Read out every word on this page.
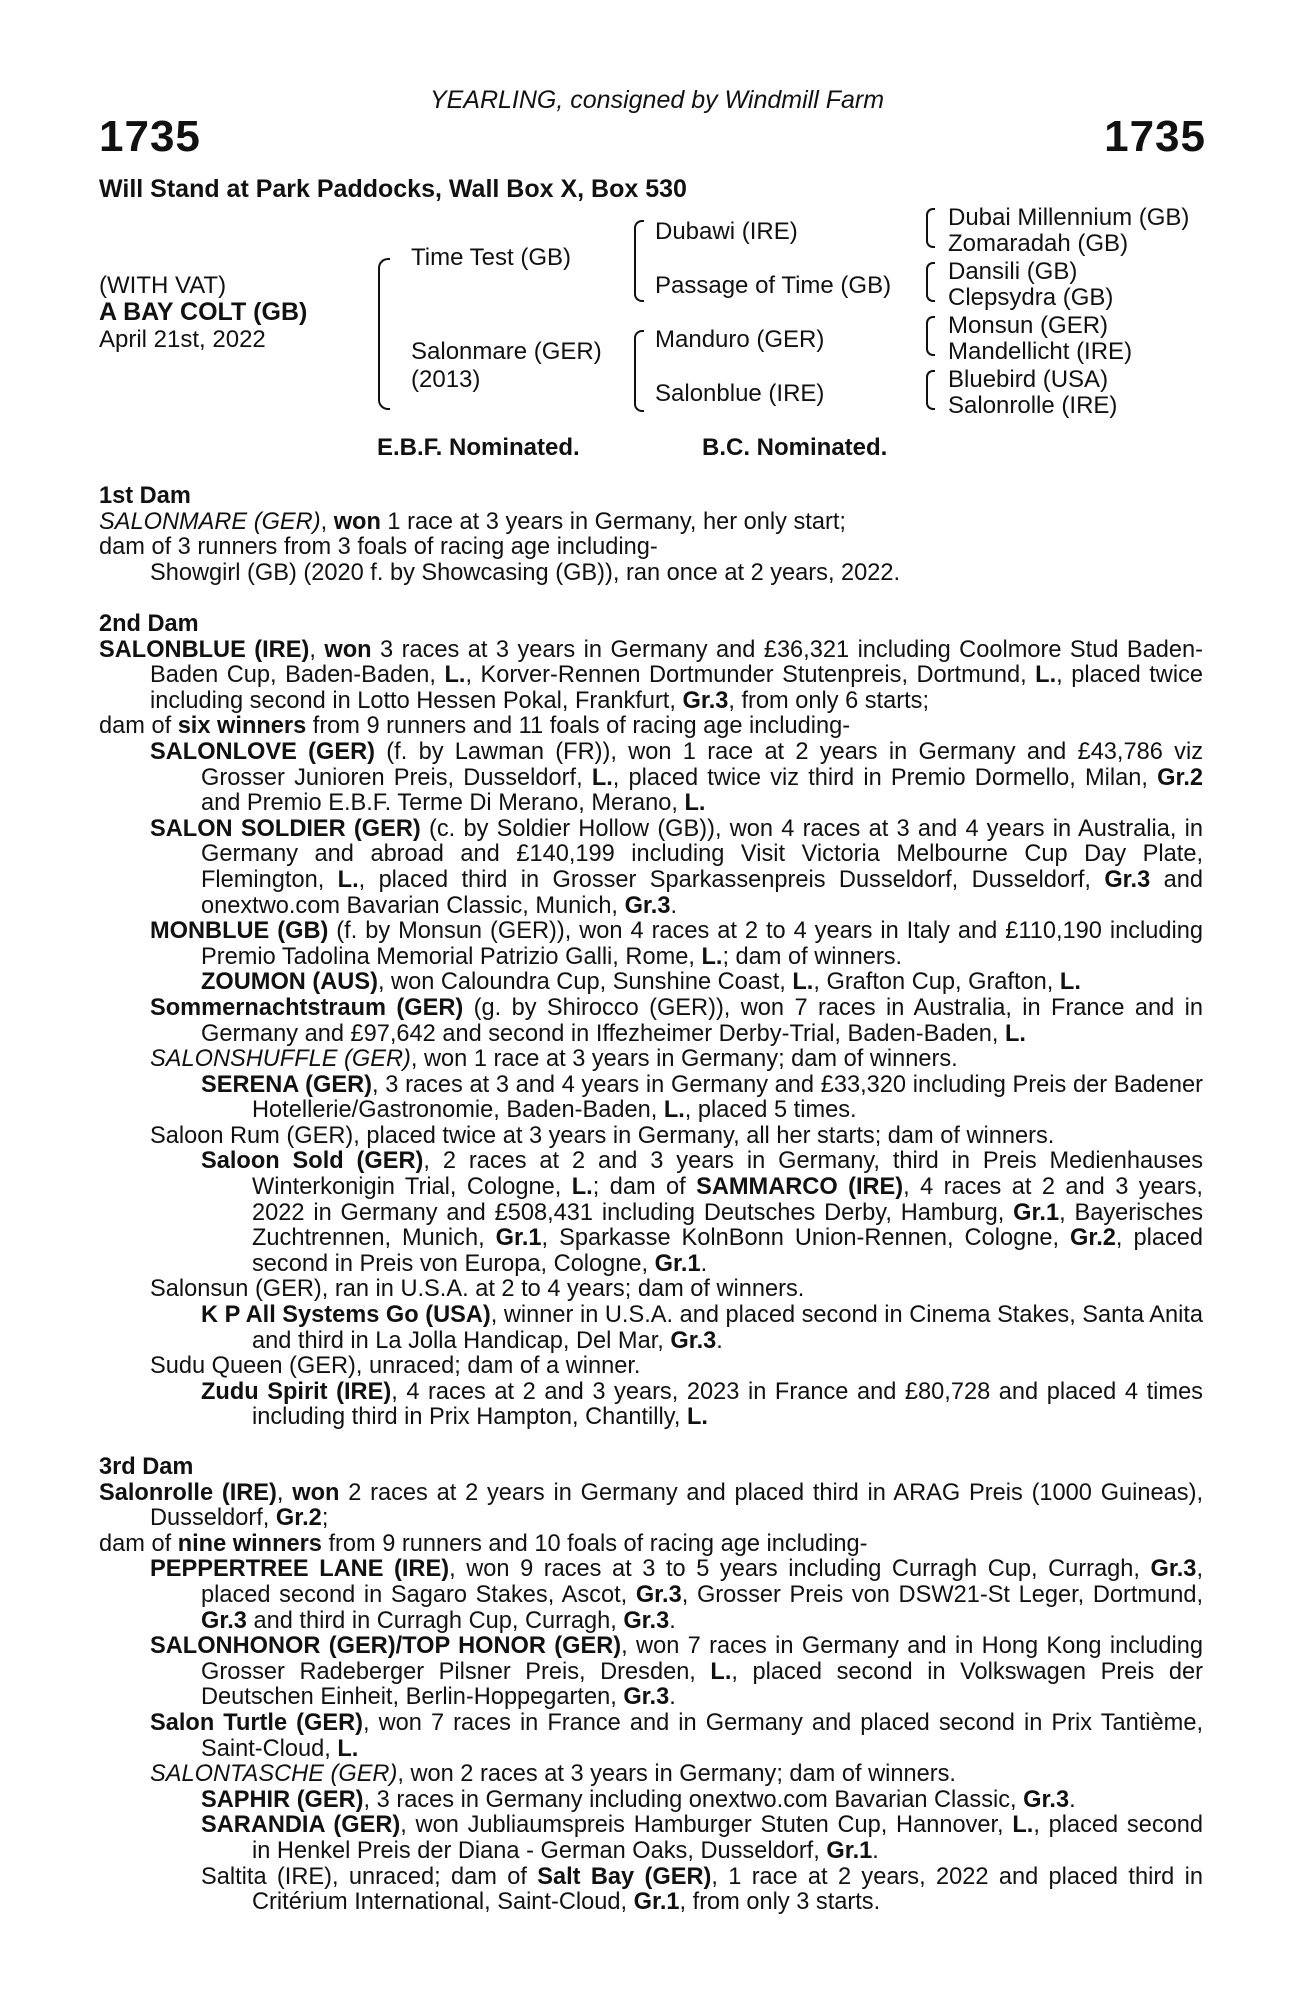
YEARLING, consigned by Windmill Farm
1735	1735
Will Stand at Park Paddocks, Wall Box X, Box 530
(WITH VAT)
A BAY COLT (GB)
April 21st, 2022
Time Test (GB)
Salonmare (GER)
(2013)
Dubawi (IRE)
Passage of Time (GB)
Manduro (GER)
Salonblue (IRE)
Dubai Millennium (GB)
Zomaradah (GB)
Dansili (GB)
Clepsydra (GB)
Monsun (GER)
Mandellicht (IRE)
Bluebird (USA)
Salonrolle (IRE)
E.B.F. Nominated.	B.C. Nominated.

1st Dam

SALONMARE (GER), won 1 race at 3 years in Germany, her only start;

dam of 3 runners from 3 foals of racing age including-

Showgirl (GB) (2020 f. by Showcasing (GB)), ran once at 2 years, 2022.

2nd Dam

SALONBLUE (IRE), won 3 races at 3 years in Germany and £36,321 including Coolmore Stud Baden-Baden Cup, Baden-Baden, L., Korver-Rennen Dortmunder Stutenpreis, Dortmund, L., placed twice including second in Lotto Hessen Pokal, Frankfurt, Gr.3, from only 6 starts;

dam of six winners from 9 runners and 11 foals of racing age including-

SALONLOVE (GER) (f. by Lawman (FR)), won 1 race at 2 years in Germany and £43,786 viz Grosser Junioren Preis, Dusseldorf, L., placed twice viz third in Premio Dormello, Milan, Gr.2 and Premio E.B.F. Terme Di Merano, Merano, L.

SALON SOLDIER (GER) (c. by Soldier Hollow (GB)), won 4 races at 3 and 4 years in Australia, in Germany and abroad and £140,199 including Visit Victoria Melbourne Cup Day Plate, Flemington, L., placed third in Grosser Sparkassenpreis Dusseldorf, Dusseldorf, Gr.3 and onextwo.com Bavarian Classic, Munich, Gr.3.

MONBLUE (GB) (f. by Monsun (GER)), won 4 races at 2 to 4 years in Italy and £110,190 including Premio Tadolina Memorial Patrizio Galli, Rome, L.; dam of winners.

ZOUMON (AUS), won Caloundra Cup, Sunshine Coast, L., Grafton Cup, Grafton, L.

Sommernachtstraum (GER) (g. by Shirocco (GER)), won 7 races in Australia, in France and in Germany and £97,642 and second in Iffezheimer Derby-Trial, Baden-Baden, L.

SALONSHUFFLE (GER), won 1 race at 3 years in Germany; dam of winners.

SERENA (GER), 3 races at 3 and 4 years in Germany and £33,320 including Preis der Badener Hotellerie/Gastronomie, Baden-Baden, L., placed 5 times.

Saloon Rum (GER), placed twice at 3 years in Germany, all her starts; dam of winners.

Saloon Sold (GER), 2 races at 2 and 3 years in Germany, third in Preis Medienhauses Winterkonigin Trial, Cologne, L.; dam of SAMMARCO (IRE), 4 races at 2 and 3 years, 2022 in Germany and £508,431 including Deutsches Derby, Hamburg, Gr.1, Bayerisches Zuchtrennen, Munich, Gr.1, Sparkasse KolnBonn Union-Rennen, Cologne, Gr.2, placed second in Preis von Europa, Cologne, Gr.1.

Salonsun (GER), ran in U.S.A. at 2 to 4 years; dam of winners.

K P All Systems Go (USA), winner in U.S.A. and placed second in Cinema Stakes, Santa Anita and third in La Jolla Handicap, Del Mar, Gr.3.

Sudu Queen (GER), unraced; dam of a winner.

Zudu Spirit (IRE), 4 races at 2 and 3 years, 2023 in France and £80,728 and placed 4 times including third in Prix Hampton, Chantilly, L.

3rd Dam

Salonrolle (IRE), won 2 races at 2 years in Germany and placed third in ARAG Preis (1000 Guineas), Dusseldorf, Gr.2;

dam of nine winners from 9 runners and 10 foals of racing age including-

PEPPERTREE LANE (IRE), won 9 races at 3 to 5 years including Curragh Cup, Curragh, Gr.3, placed second in Sagaro Stakes, Ascot, Gr.3, Grosser Preis von DSW21-St Leger, Dortmund, Gr.3 and third in Curragh Cup, Curragh, Gr.3.

SALONHONOR (GER)/TOP HONOR (GER), won 7 races in Germany and in Hong Kong including Grosser Radeberger Pilsner Preis, Dresden, L., placed second in Volkswagen Preis der Deutschen Einheit, Berlin-Hoppegarten, Gr.3.

Salon Turtle (GER), won 7 races in France and in Germany and placed second in Prix Tantième, Saint-Cloud, L.

SALONTASCHE (GER), won 2 races at 3 years in Germany; dam of winners.

SAPHIR (GER), 3 races in Germany including onextwo.com Bavarian Classic, Gr.3.

SARANDIA (GER), won Jubliaumspreis Hamburger Stuten Cup, Hannover, L., placed second in Henkel Preis der Diana - German Oaks, Dusseldorf, Gr.1.

Saltita (IRE), unraced; dam of Salt Bay (GER), 1 race at 2 years, 2022 and placed third in Critérium International, Saint-Cloud, Gr.1, from only 3 starts.
